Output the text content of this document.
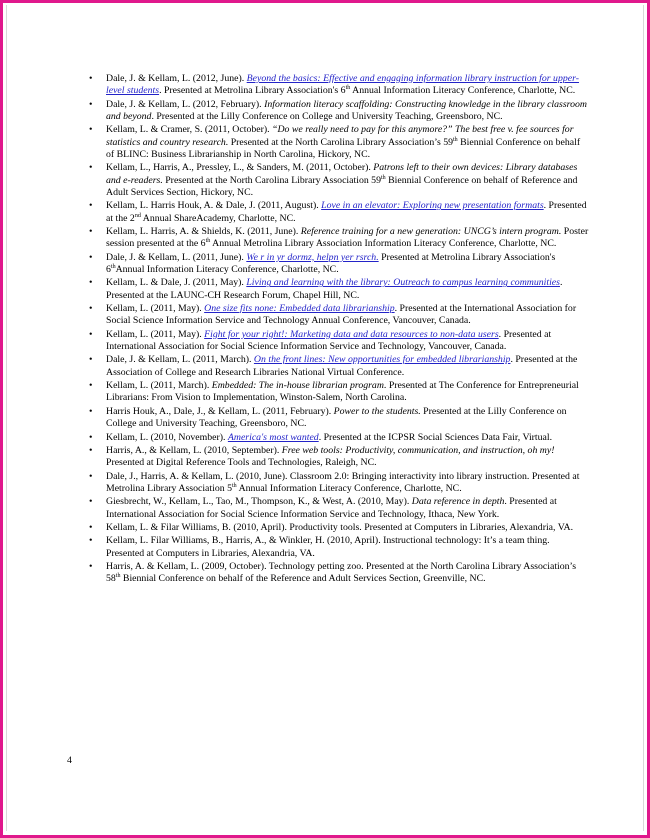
• Dale, J. & Kellam, L. (2012, June). Beyond the basics: Effective and engaging information library instruction for upper-level students. Presented at Metrolina Library Association's 6th Annual Information Literacy Conference, Charlotte, NC.
• Dale, J. & Kellam, L. (2012, February). Information literacy scaffolding: Constructing knowledge in the library classroom and beyond. Presented at the Lilly Conference on College and University Teaching, Greensboro, NC.
• Kellam, L. & Cramer, S. (2011, October). “Do we really need to pay for this anymore?” The best free v. fee sources for statistics and country research. Presented at the North Carolina Library Association’s 59th Biennial Conference on behalf of BLINC: Business Librarianship in North Carolina, Hickory, NC.
• Kellam, L., Harris, A., Pressley, L., & Sanders, M. (2011, October). Patrons left to their own devices: Library databases and e-readers. Presented at the North Carolina Library Association 59th Biennial Conference on behalf of Reference and Adult Services Section, Hickory, NC.
• Kellam, L. Harris Houk, A. & Dale, J. (2011, August). Love in an elevator: Exploring new presentation formats. Presented at the 2nd Annual ShareAcademy, Charlotte, NC.
• Kellam, L. Harris, A. & Shields, K. (2011, June). Reference training for a new generation: UNCG’s intern program. Poster session presented at the 6th Annual Metrolina Library Association Information Literacy Conference, Charlotte, NC.
• Dale, J. & Kellam, L. (2011, June). We r in yr dormz, helpn yer rsrch. Presented at Metrolina Library Association's 6thAnnual Information Literacy Conference, Charlotte, NC.
• Kellam, L. & Dale, J. (2011, May). Living and learning with the library: Outreach to campus learning communities. Presented at the LAUNC-CH Research Forum, Chapel Hill, NC.
• Kellam, L. (2011, May). One size fits none: Embedded data librarianship. Presented at the International Association for Social Science Information Service and Technology Annual Conference, Vancouver, Canada.
• Kellam, L. (2011, May). Fight for your right!: Marketing data and data resources to non-data users. Presented at International Association for Social Science Information Service and Technology, Vancouver, Canada.
• Dale, J. & Kellam, L. (2011, March). On the front lines: New opportunities for embedded librarianship. Presented at the Association of College and Research Libraries National Virtual Conference.
• Kellam, L. (2011, March). Embedded: The in-house librarian program. Presented at The Conference for Entrepreneurial Librarians: From Vision to Implementation, Winston-Salem, North Carolina.
• Harris Houk, A., Dale, J., & Kellam, L. (2011, February). Power to the students. Presented at the Lilly Conference on College and University Teaching, Greensboro, NC.
• Kellam, L. (2010, November). America's most wanted. Presented at the ICPSR Social Sciences Data Fair, Virtual.
• Harris, A., & Kellam, L. (2010, September). Free web tools: Productivity, communication, and instruction, oh my! Presented at Digital Reference Tools and Technologies, Raleigh, NC.
• Dale, J., Harris, A. & Kellam, L. (2010, June). Classroom 2.0: Bringing interactivity into library instruction. Presented at Metrolina Library Association 5th Annual Information Literacy Conference, Charlotte, NC.
• Giesbrecht, W., Kellam, L., Tao, M., Thompson, K., & West, A. (2010, May). Data reference in depth. Presented at International Association for Social Science Information Service and Technology, Ithaca, New York.
• Kellam, L. & Filar Williams, B. (2010, April). Productivity tools. Presented at Computers in Libraries, Alexandria, VA.
• Kellam, L. Filar Williams, B., Harris, A., & Winkler, H. (2010, April). Instructional technology: It’s a team thing. Presented at Computers in Libraries, Alexandria, VA.
• Harris, A. & Kellam, L. (2009, October). Technology petting zoo. Presented at the North Carolina Library Association’s 58th Biennial Conference on behalf of the Reference and Adult Services Section, Greenville, NC.
4
